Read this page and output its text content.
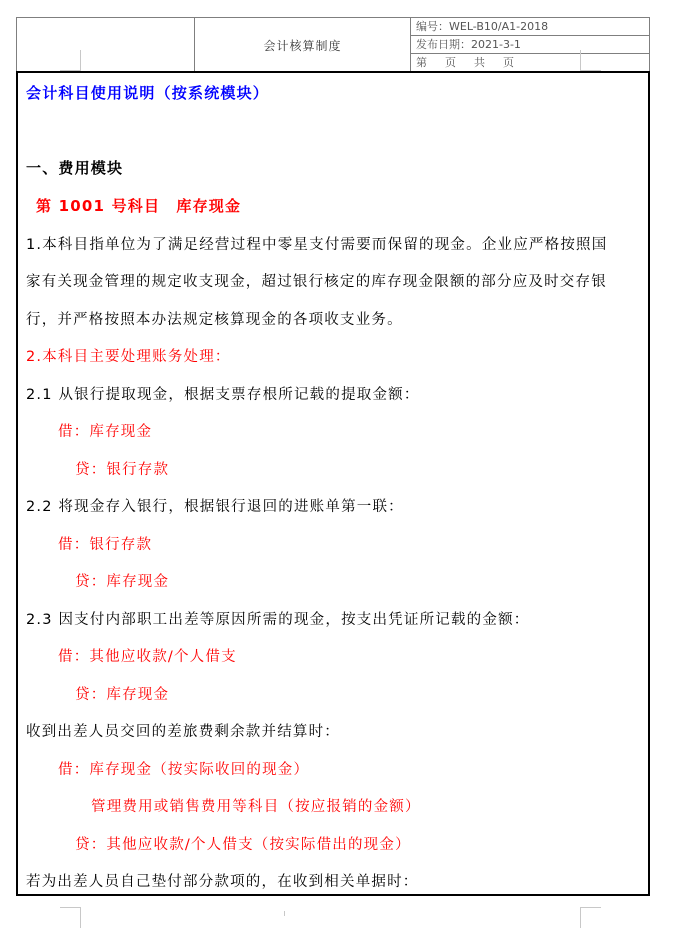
会计核算制度
编号：WEL-B10/A1-2018
发布日期：2021-3-1
第 页 共 页
会计科目使用说明（按系统模块）
一、费用模块
第 1001 号科目　库存现金
1.本科目指单位为了满足经营过程中零星支付需要而保留的现金。企业应严格按照国
家有关现金管理的规定收支现金，超过银行核定的库存现金限额的部分应及时交存银
行，并严格按照本办法规定核算现金的各项收支业务。
2.本科目主要处理账务处理：
2.1 从银行提取现金，根据支票存根所记载的提取金额：
借：库存现金
贷：银行存款
2.2 将现金存入银行，根据银行退回的进账单第一联：
借：银行存款
贷：库存现金
2.3 因支付内部职工出差等原因所需的现金，按支出凭证所记载的金额：
借：其他应收款/个人借支
贷：库存现金
收到出差人员交回的差旅费剩余款并结算时：
借：库存现金（按实际收回的现金）
管理费用或销售费用等科目（按应报销的金额）
贷：其他应收款/个人借支（按实际借出的现金）
若为出差人员自己垫付部分款项的，在收到相关单据时：
